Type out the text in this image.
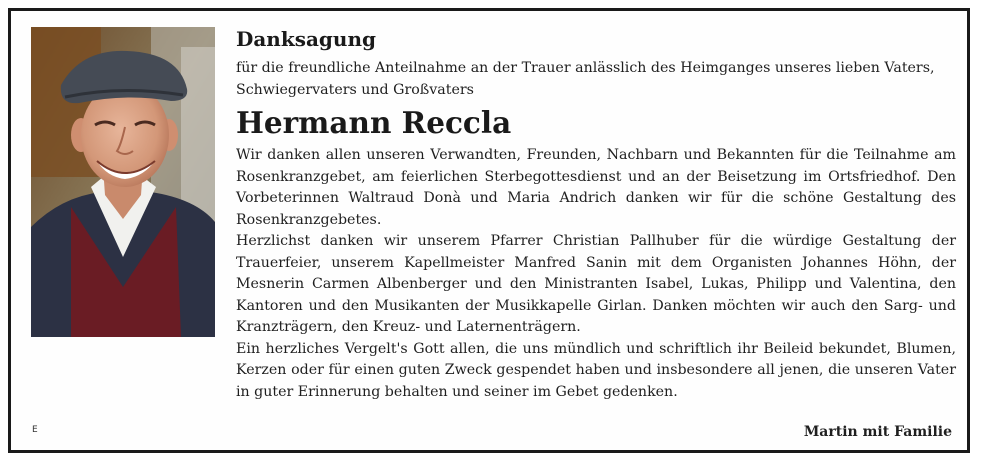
Danksagung

für die freundliche Anteilnahme an der Trauer anlässlich des Heimganges unseres lieben Vaters, Schwiegervaters und Großvaters

Hermann Reccla

Wir danken allen unseren Verwandten, Freunden, Nachbarn und Bekannten für die Teilnahme am Rosenkranzgebet, am feierlichen Sterbegottesdienst und an der Beisetzung im Ortsfriedhof. Den Vorbeterinnen Waltraud Donà und Maria Andrich danken wir für die schöne Gestaltung des Rosenkranzgebetes.

Herzlichst danken wir unserem Pfarrer Christian Pallhuber für die würdige Gestaltung der Trauerfeier, unserem Kapellmeister Manfred Sanin mit dem Organisten Johannes Höhn, der Mesnerin Carmen Albenberger und den Ministranten Isabel, Lukas, Philipp und Valentina, den Kantoren und den Musikanten der Musikkapelle Girlan. Danken möchten wir auch den Sarg- und Kranzträgern, den Kreuz- und Laternenträgern.

Ein herzliches Vergelt's Gott allen, die uns mündlich und schriftlich ihr Beileid bekundet, Blumen, Kerzen oder für einen guten Zweck gespendet haben und insbesondere all jenen, die unseren Vater in guter Erinnerung behalten und seiner im Gebet gedenken.

E	Martin mit Familie
